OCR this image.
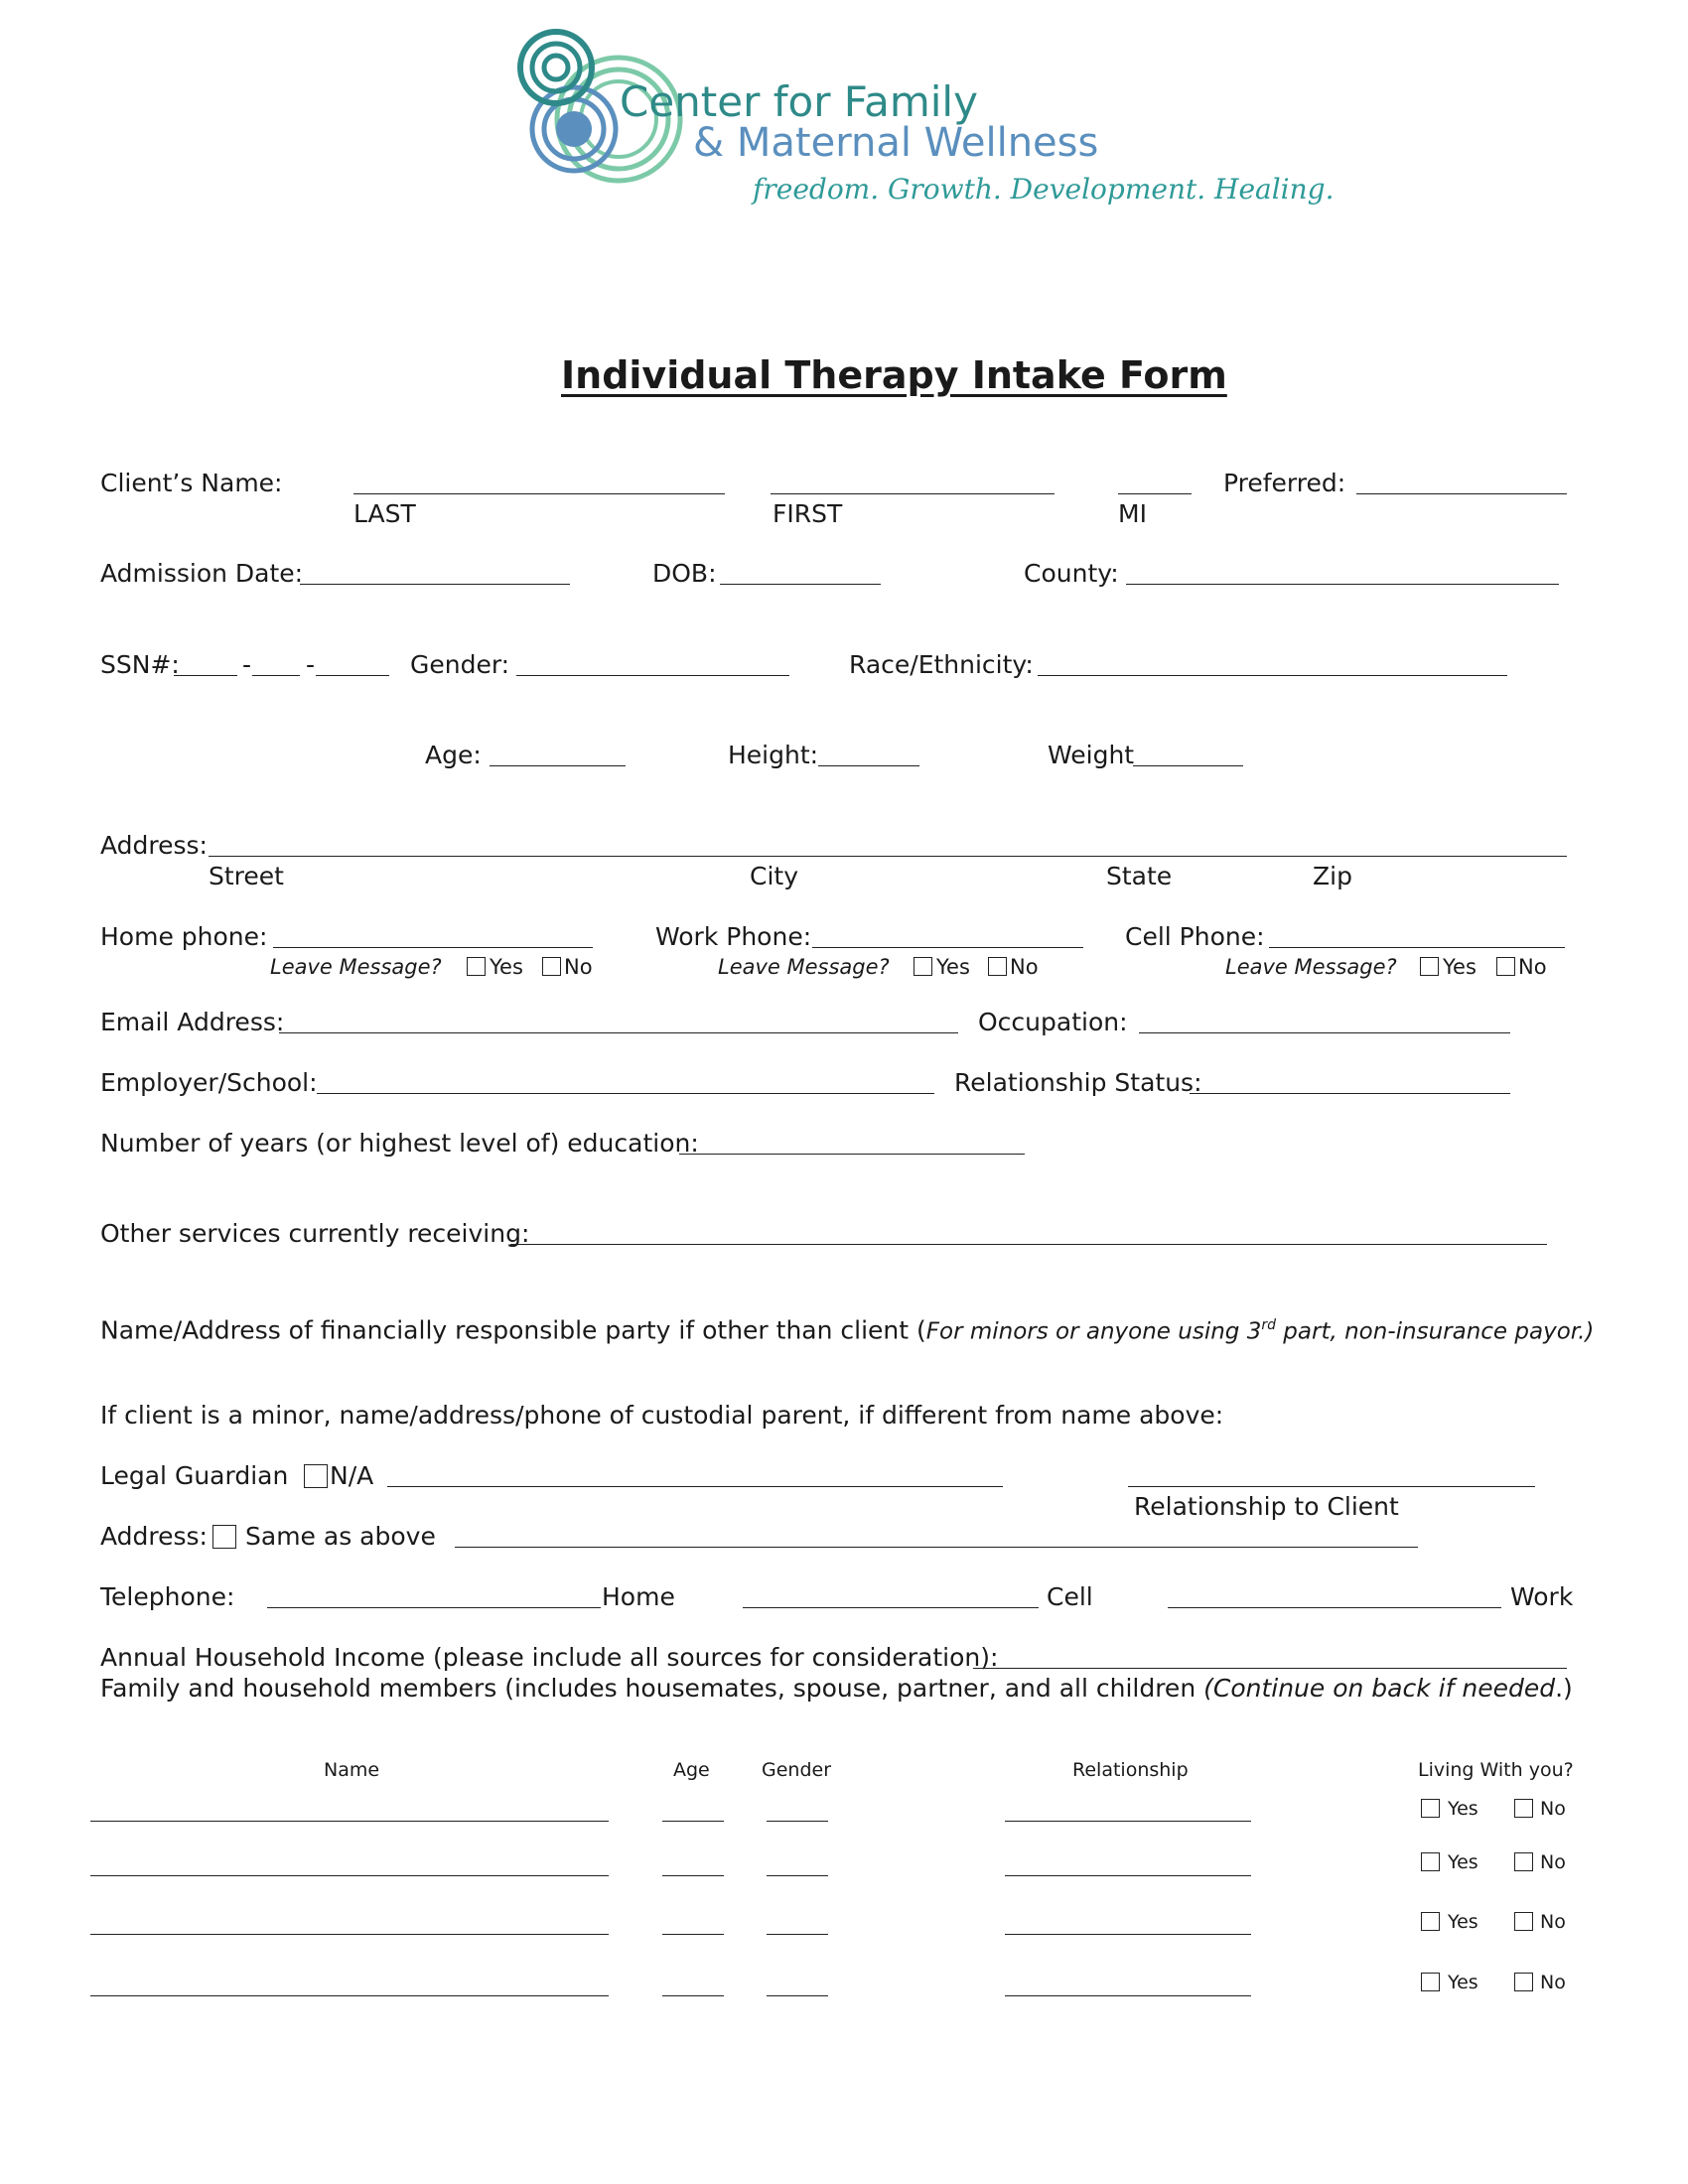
Center for Family
& Maternal Wellness
freedom. Growth. Development. Healing.
Individual Therapy Intake Form
Client’s Name:	Preferred:
LAST	FIRST	MI
Admission Date:	DOB:	County:
SSN#:	- -	Gender:	Race/Ethnicity:
Age:	Height:	Weight
Address:
Street	City	State	Zip
Home phone:	Work Phone:	Cell Phone:
Leave Message? Yes No	Leave Message? Yes No	Leave Message? Yes No
Email Address:	Occupation:
Employer/School:	Relationship Status:
Number of years (or highest level of) education:
Other services currently receiving:
Name/Address of financially responsible party if other than client (For minors or anyone using 3rd part, non-insurance payor.)
If client is a minor, name/address/phone of custodial parent, if different from name above:
Legal Guardian N/A
Relationship to Client
Address: Same as above
Telephone:	Home	Cell	Work
Annual Household Income (please include all sources for consideration):
Family and household members (includes housemates, spouse, partner, and all children (Continue on back if needed.)
Name	Age	Gender	Relationship	Living With you?
Yes	No
Yes	No
Yes	No
Yes	No
